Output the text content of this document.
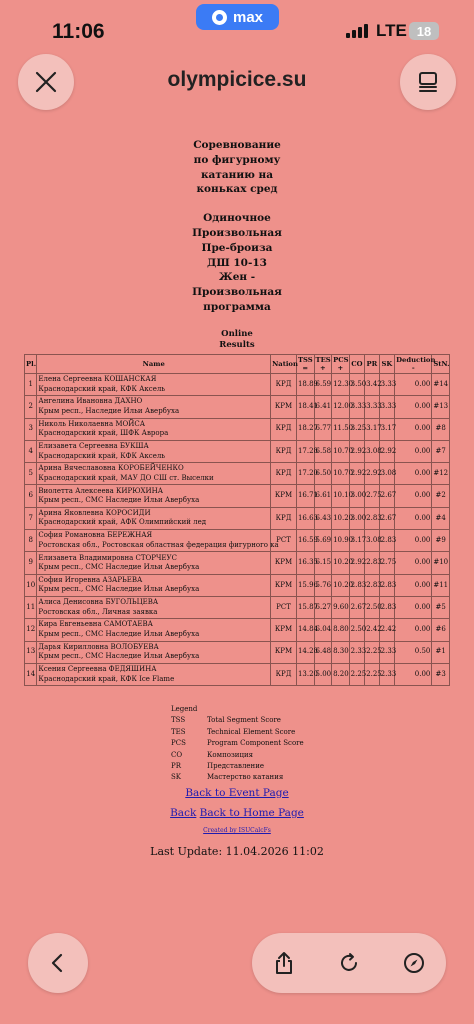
11:06
max
LTE 18
olympicice.su
Соревнование
по фигурному
катанию на
коньках сред
Одиночное
Произвольная
Пре-броиза
ДШ 10-13
Жен -
Произвольная
программа
Online
Results
Pl.	Name	Nation	TSS =	TES +	PCS +	CO	PR	SK	Deduction -	StN.
1	Елена Сергеевна КОШАНСКАЯ
Краснодарский край, КФК Аксель	КРД	18.89	6.59	12.30	3.50	3.42	3.33	0.00	#14
2	Ангелина Ивановна ДАХНО
Крым респ., Наследие Ильи Авербуха	КРМ	18.41	6.41	12.00	3.33	3.33	3.33	0.00	#13
3	Николь Николаевна МОЙСА
Краснодарский край, ШФК Аврора	КРД	18.27	6.77	11.50	3.25	3.17	3.17	0.00	#8
4	Елизавета Сергеевна БУКША
Краснодарский край, КФК Аксель	КРД	17.28	6.58	10.70	2.92	3.08	2.92	0.00	#7
5	Арина Вячеславовна КОРОБЕЙЧЕНКО
Краснодарский край, МАУ ДО СШ ст. Выселки	КРД	17.20	6.50	10.70	2.92	2.92	3.08	0.00	#12
6	Виолетта Алексеева КИРЮХИНА
Крым респ., СМС Наследие Ильи Авербуха	КРМ	16.71	6.61	10.10	3.00	2.75	2.67	0.00	#2
7	Арина Яковлевна КОРОСИДИ
Краснодарский край, АФК Олимпийский лед	КРД	16.63	6.43	10.20	3.00	2.83	2.67	0.00	#4
8	София Романовна БЕРЕЖНАЯ
Ростовская обл., Ростовская областная федерация фигурного ка	РСТ	16.59	5.69	10.90	3.17	3.08	2.83	0.00	#9
9	Елизавета Владимировна СТОРЧЕУС
Крым респ., СМС Наследие Ильи Авербуха	КРМ	16.35	6.15	10.20	2.92	2.83	2.75	0.00	#10
10	София Игоревна АЗАРЬЕВА
Крым респ., СМС Наследие Ильи Авербуха	КРМ	15.96	5.76	10.20	2.83	2.83	2.83	0.00	#11
11	Алиса Денисовна БУГОЛЬЦЕВА
Ростовская обл., Личная заявка	РСТ	15.87	6.27	9.60	2.67	2.50	2.83	0.00	#5
12	Кира Евгеньевна САМОТАЕВА
Крым респ., СМС Наследие Ильи Авербуха	КРМ	14.84	6.04	8.80	2.50	2.42	2.42	0.00	#6
13	Дарья Кирилловна ВОЛОБУЕВА
Крым респ., СМС Наследие Ильи Авербуха	КРМ	14.28	6.48	8.30	2.33	2.25	2.33	0.50	#1
14	Ксения Сергеевна ФЕДЯШИНА
Краснодарский край, КФК Ice Flame	КРД	13.20	5.00	8.20	2.25	2.25	2.33	0.00	#3
Legend
TSS	Total Segment Score
TES	Technical Element Score
PCS	Program Component Score
CO	Композиция
PR	Представление
SK	Мастерство катания
Back to Event Page
Back Back to Home Page
Created by ISUCalcFs
Last Update: 11.04.2026 11:02
